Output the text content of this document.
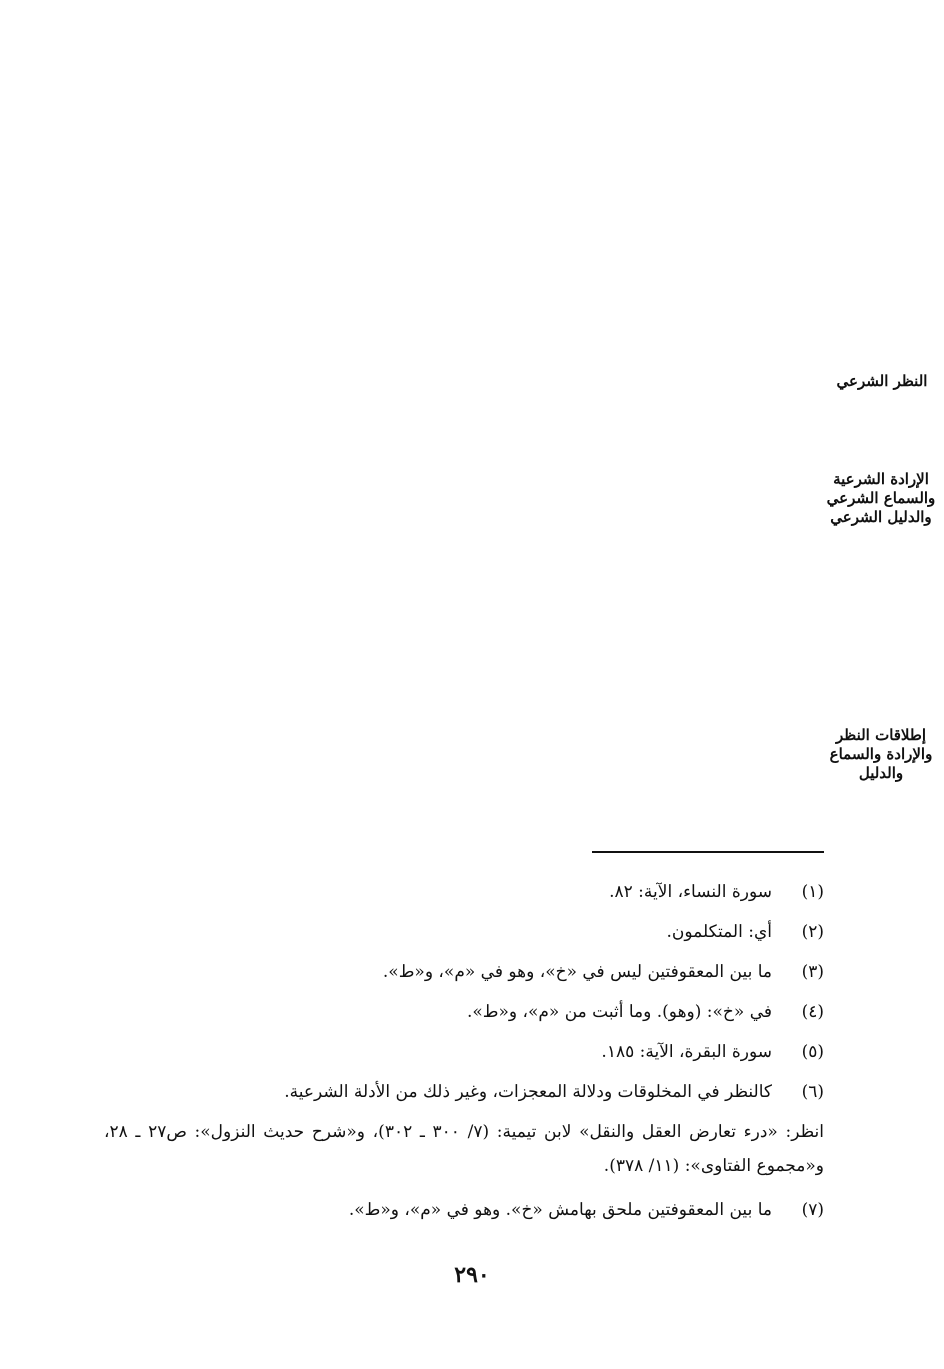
النظر الشرعي
الإرادة الشرعية والسماع الشرعي والدليل الشرعي
إطلاقات النظر والإرادة والسماع والدليل
(١)سورة النساء، الآية: ٨٢.
(٢)أي: المتكلمون.
(٣)ما بين المعقوفتين ليس في «خ»، وهو في «م»، و«ط».
(٤)في «خ»: (وهو). وما أثبت من «م»، و«ط».
(٥)سورة البقرة، الآية: ١٨٥.
(٦)كالنظر في المخلوقات ودلالة المعجزات، وغير ذلك من الأدلة الشرعية.
انظر: «درء تعارض العقل والنقل» لابن تيمية: (٧/ ٣٠٠ ـ ٣٠٢)، و«شرح حديث النزول»: ص٢٧ ـ ٢٨، و«مجموع الفتاوى»: (١١/ ٣٧٨).
(٧)ما بين المعقوفتين ملحق بهامش «خ». وهو في «م»، و«ط».
٢٩٠
